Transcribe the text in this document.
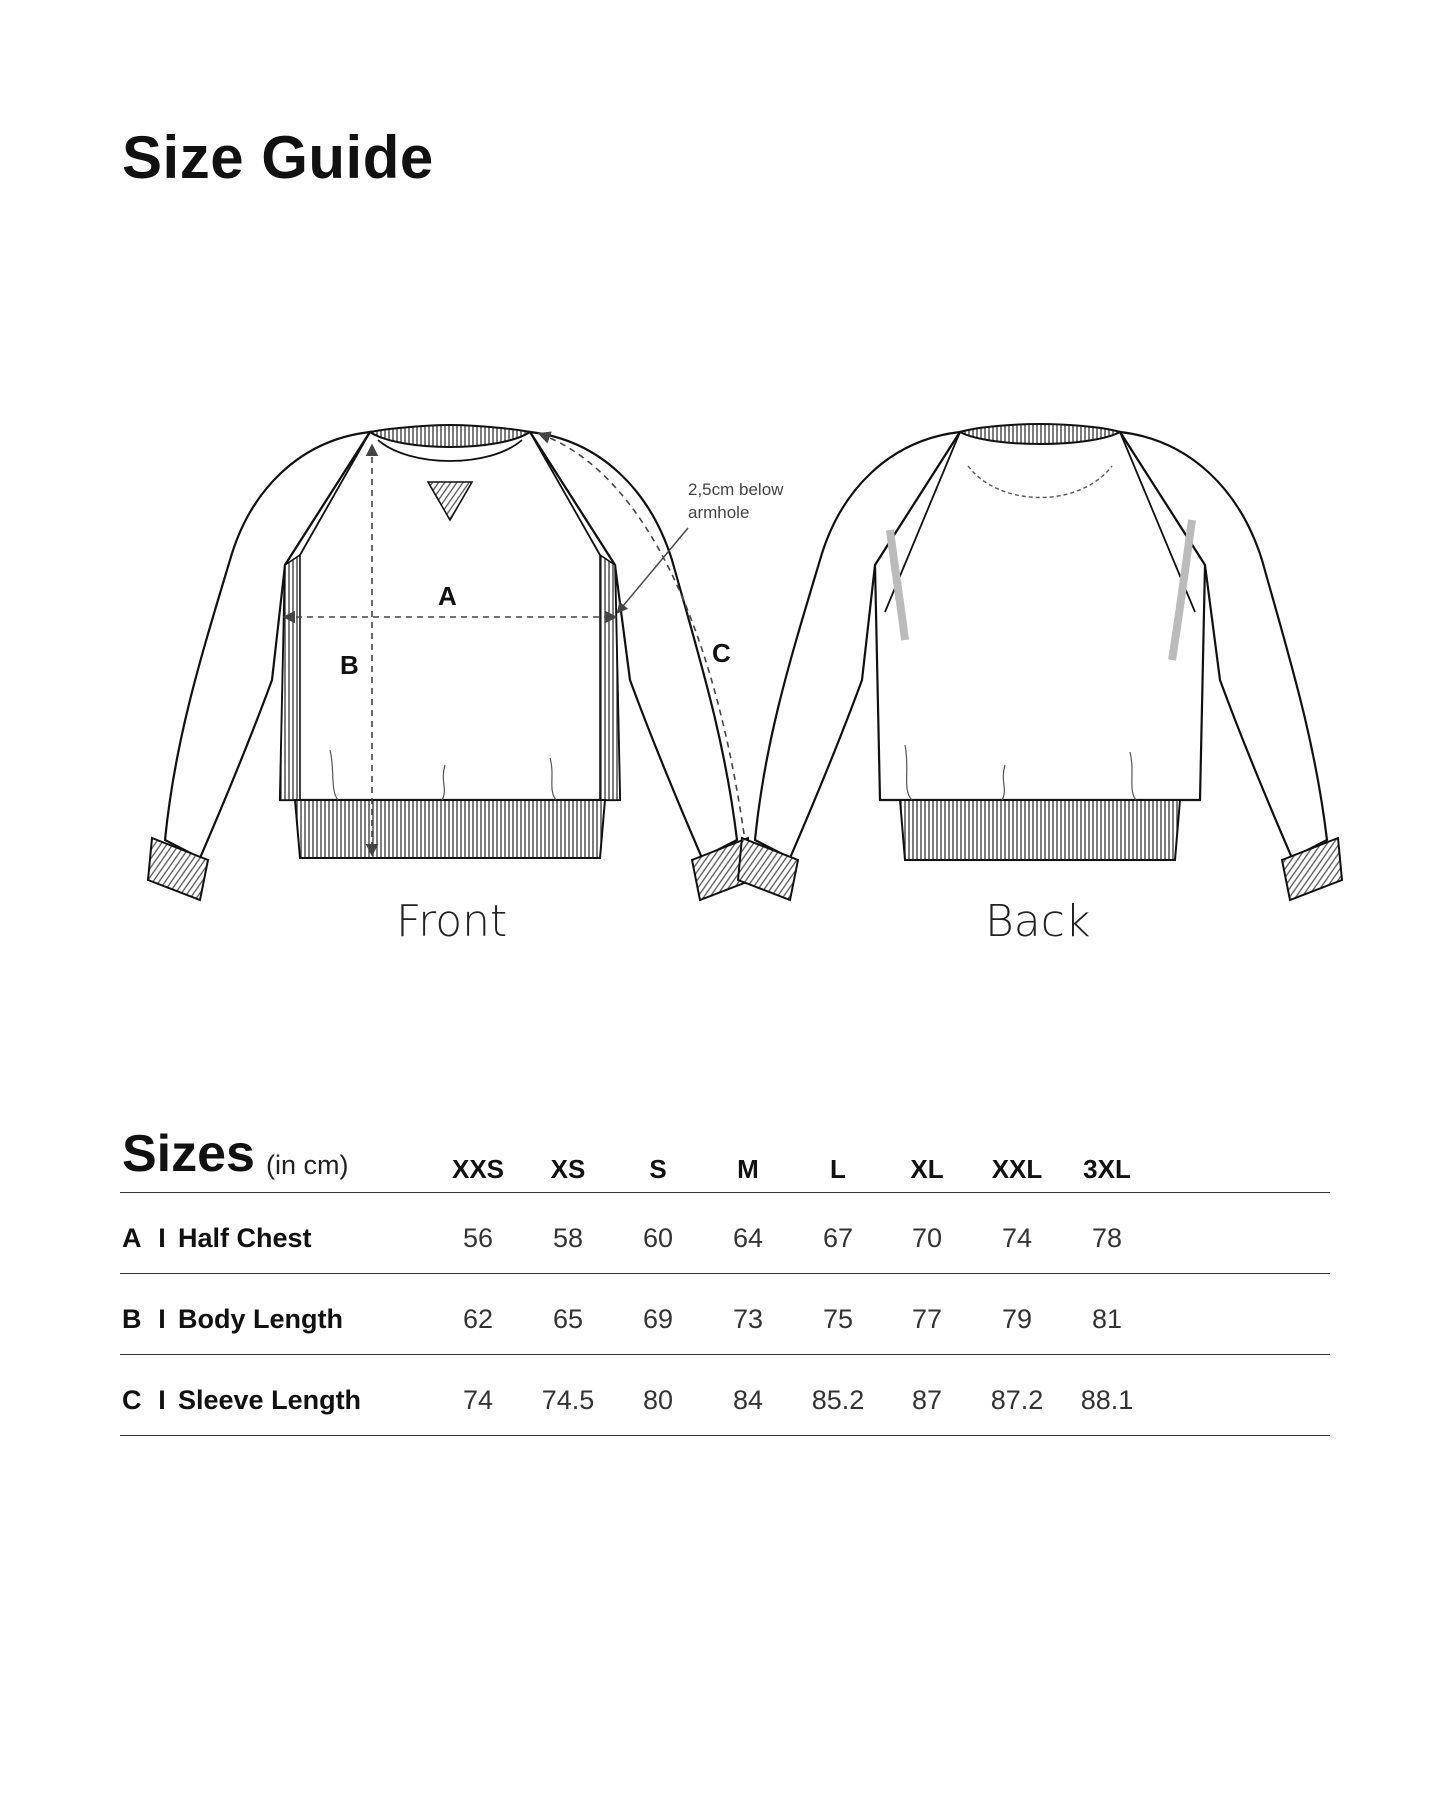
Size Guide
Front	Back
A
B	C
2,5cm below armhole
Sizes (in cm)	XXS	XS	S	M	L	XL	XXL	3XL
A I Half Chest	56	58	60	64	67	70	74	78
B I Body Length	62	65	69	73	75	77	79	81
C I Sleeve Length	74	74.5	80	84	85.2	87	87.2	88.1
